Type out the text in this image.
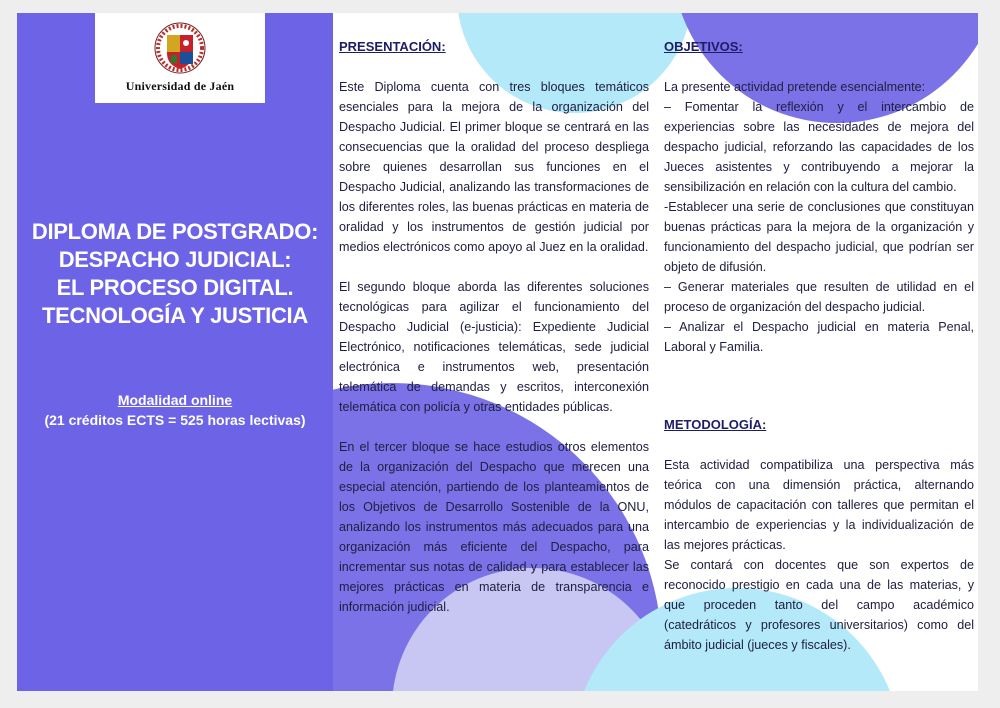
Universidad de Jaén
DIPLOMA DE POSTGRADO:
DESPACHO JUDICIAL:
EL PROCESO DIGITAL.
TECNOLOGÍA Y JUSTICIA
Modalidad online
(21 créditos ECTS = 525 horas lectivas)

PRESENTACIÓN:

Este Diploma cuenta con tres bloques temáticos esenciales para la mejora de la organización del Despacho Judicial. El primer bloque se centrará en las consecuencias que la oralidad del proceso despliega sobre quienes desarrollan sus funciones en el Despacho Judicial, analizando las transformaciones de los diferentes roles, las buenas prácticas en materia de oralidad y los instrumentos de gestión judicial por medios electrónicos como apoyo al Juez en la oralidad.

El segundo bloque aborda las diferentes soluciones tecnológicas para agilizar el funcionamiento del Despacho Judicial (e-justicia): Expediente Judicial Electrónico, notificaciones telemáticas, sede judicial electrónica e instrumentos web, presentación telemática de demandas y escritos, interconexión telemática con policía y otras entidades públicas.

En el tercer bloque se hace estudios otros elementos de la organización del Despacho que merecen una especial atención, partiendo de los planteamientos de los Objetivos de Desarrollo Sostenible de la ONU, analizando los instrumentos más adecuados para una organización más eficiente del Despacho, para incrementar sus notas de calidad y para establecer las mejores prácticas en materia de transparencia e información judicial.

OBJETIVOS:

La presente actividad pretende esencialmente:

– Fomentar la reflexión y el intercambio de experiencias sobre las necesidades de mejora del despacho judicial, reforzando las capacidades de los Jueces asistentes y contribuyendo a mejorar la sensibilización en relación con la cultura del cambio.

-Establecer una serie de conclusiones que constituyan buenas prácticas para la mejora de la organización y funcionamiento del despacho judicial, que podrían ser objeto de difusión.

– Generar materiales que resulten de utilidad en el proceso de organización del despacho judicial.

– Analizar el Despacho judicial en materia Penal, Laboral y Familia.

METODOLOGÍA:

Esta actividad compatibiliza una perspectiva más teórica con una dimensión práctica, alternando módulos de capacitación con talleres que permitan el intercambio de experiencias y la individualización de las mejores prácticas.

Se contará con docentes que son expertos de reconocido prestigio en cada una de las materias, y que proceden tanto del campo académico (catedráticos y profesores universitarios) como del ámbito judicial (jueces y fiscales).
